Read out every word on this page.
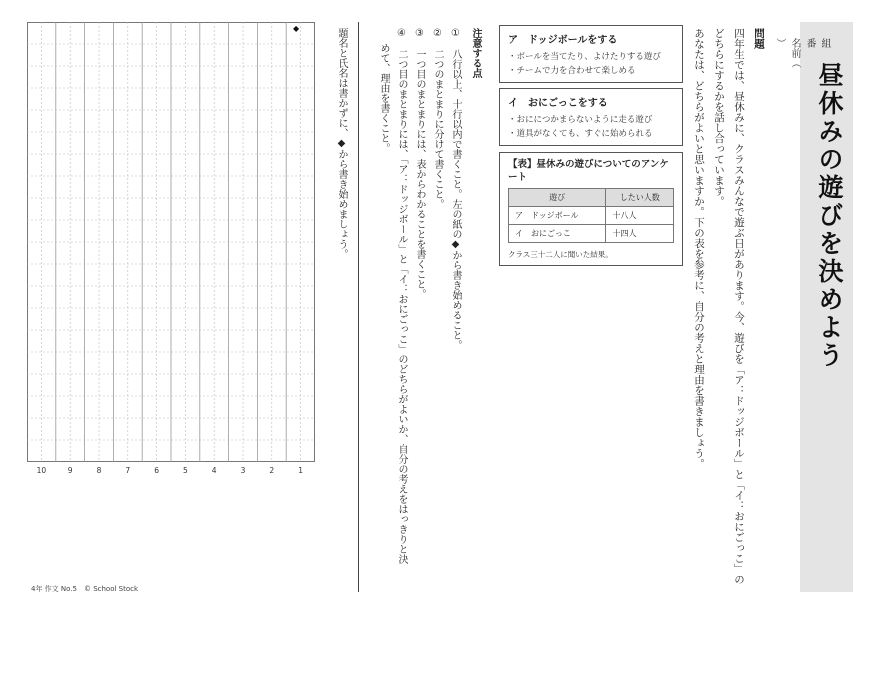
昼休みの遊びを決めよう
組
番
名前（
）
問題
四年生では、昼休みに、クラスみんなで遊ぶ日があります。今、遊びを「ア：ドッジボール」と「イ：おにごっこ」の
どちらにするかを話し合っています。
あなたは、どちらがよいと思いますか。下の表を参考に、自分の考えと理由を書きましょう。
ア　ドッジボールをする
・ボールを当てたり、よけたりする遊び
・チームで力を合わせて楽しめる
イ　おにごっこをする
・おににつかまらないように走る遊び
・道具がなくても、すぐに始められる
【表】昼休みの遊びについてのアンケート
遊び	したい人数
ア　ドッジボール	十八人
イ　おにごっこ	十四人
クラス三十二人に聞いた結果。
注意する点
①　八行以上、十行以内で書くこと。左の紙の◆から書き始めること。
②　二つのまとまりに分けて書くこと。
③　一つ目のまとまりには、表からわかることを書くこと。
④　二つ目のまとまりには、「ア：ドッジボール」と「イ：おにごっこ」のどちらがよいか、自分の考えをはっきりと決
めて、理由を書くこと。
題名と氏名は書かずに、◆から書き始めましょう。
◆
10	9	8	7	6	5	4	3	2	1
4年 作文 No.5　© School Stock
